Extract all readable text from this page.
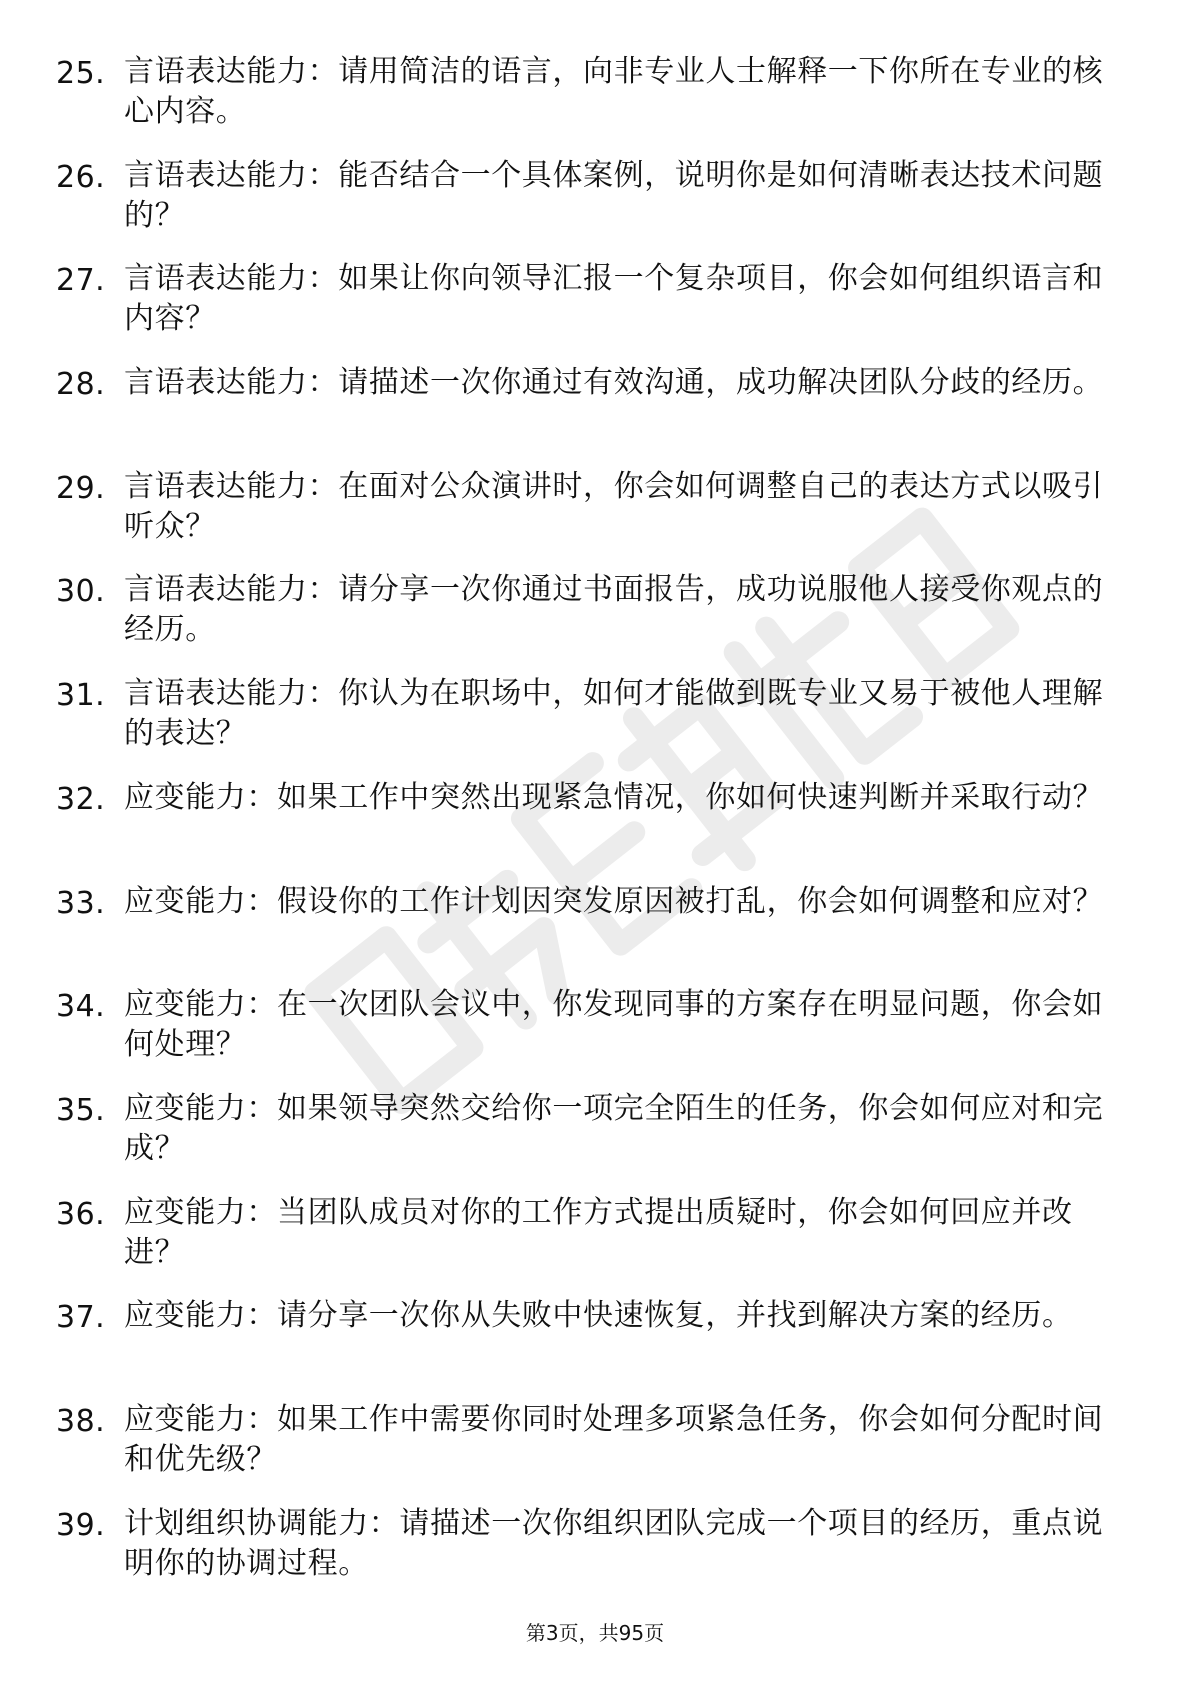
25. 言语表达能力：请用简洁的语言，向非专业人士解释一下你所在专业的核心内容。
26. 言语表达能力：能否结合一个具体案例，说明你是如何清晰表达技术问题的？
27. 言语表达能力：如果让你向领导汇报一个复杂项目，你会如何组织语言和内容？
28. 言语表达能力：请描述一次你通过有效沟通，成功解决团队分歧的经历。
29. 言语表达能力：在面对公众演讲时，你会如何调整自己的表达方式以吸引听众？
30. 言语表达能力：请分享一次你通过书面报告，成功说服他人接受你观点的经历。
31. 言语表达能力：你认为在职场中，如何才能做到既专业又易于被他人理解的表达？
32. 应变能力：如果工作中突然出现紧急情况，你如何快速判断并采取行动？
33. 应变能力：假设你的工作计划因突发原因被打乱，你会如何调整和应对？
34. 应变能力：在一次团队会议中，你发现同事的方案存在明显问题，你会如何处理？
35. 应变能力：如果领导突然交给你一项完全陌生的任务，你会如何应对和完成？
36. 应变能力：当团队成员对你的工作方式提出质疑时，你会如何回应并改进？
37. 应变能力：请分享一次你从失败中快速恢复，并找到解决方案的经历。
38. 应变能力：如果工作中需要你同时处理多项紧急任务，你会如何分配时间和优先级？
39. 计划组织协调能力：请描述一次你组织团队完成一个项目的经历，重点说明你的协调过程。
第3页，共95页
